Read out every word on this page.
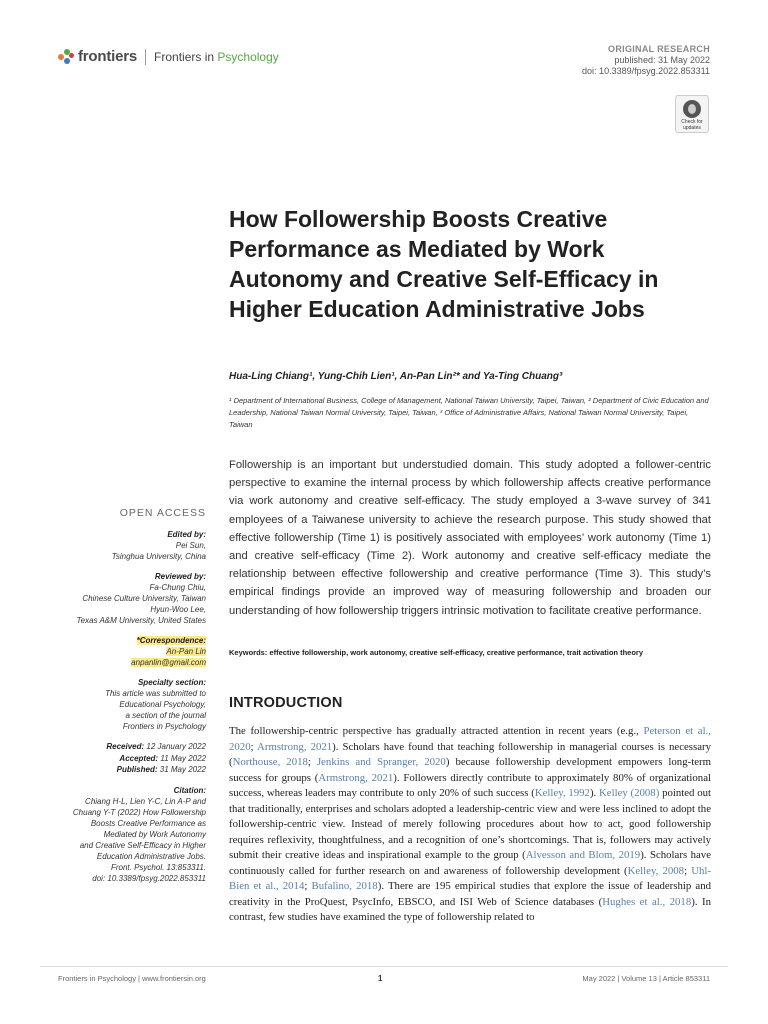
frontiers Frontiers in Psychology
ORIGINAL RESEARCH
published: 31 May 2022
doi: 10.3389/fpsyg.2022.853311
Check for
updates
How Followership Boosts Creative Performance as Mediated by Work Autonomy and Creative Self-Efficacy in Higher Education Administrative Jobs
Hua-Ling Chiang¹, Yung-Chih Lien¹, An-Pan Lin²* and Ya-Ting Chuang³
¹ Department of International Business, College of Management, National Taiwan University, Taipei, Taiwan, ² Department of Civic Education and Leadership, National Taiwan Normal University, Taipei, Taiwan, ³ Office of Administrative Affairs, National Taiwan Normal University, Taipei, Taiwan

Followership is an important but understudied domain. This study adopted a follower-centric perspective to examine the internal process by which followership affects creative performance via work autonomy and creative self-efficacy. The study employed a 3-wave survey of 341 employees of a Taiwanese university to achieve the research purpose. This study showed that effective followership (Time 1) is positively associated with employees’ work autonomy (Time 1) and creative self-efficacy (Time 2). Work autonomy and creative self-efficacy mediate the relationship between effective followership and creative performance (Time 3). This study’s empirical findings provide an improved way of measuring followership and broaden our understanding of how followership triggers intrinsic motivation to facilitate creative performance.

Keywords: effective followership, work autonomy, creative self-efficacy, creative performance, trait activation theory

INTRODUCTION

The followership-centric perspective has gradually attracted attention in recent years (e.g., Peterson et al., 2020; Armstrong, 2021). Scholars have found that teaching followership in managerial courses is necessary (Northouse, 2018; Jenkins and Spranger, 2020) because followership development empowers long-term success for groups (Armstrong, 2021). Followers directly contribute to approximately 80% of organizational success, whereas leaders may contribute to only 20% of such success (Kelley, 1992). Kelley (2008) pointed out that traditionally, enterprises and scholars adopted a leadership-centric view and were less inclined to adopt the followership-centric view. Instead of merely following procedures about how to act, good followership requires reflexivity, thoughtfulness, and a recognition of one’s shortcomings. That is, followers may actively submit their creative ideas and inspirational example to the group (Alvesson and Blom, 2019). Scholars have continuously called for further research on and awareness of followership development (Kelley, 2008; Uhl-Bien et al., 2014; Bufalino, 2018). There are 195 empirical studies that explore the issue of leadership and creativity in the ProQuest, PsycInfo, EBSCO, and ISI Web of Science databases (Hughes et al., 2018). In contrast, few studies have examined the type of followership related to

OPEN ACCESS
Edited by:
Pei Sun,
Tsinghua University, China
Reviewed by:
Fa-Chung Chiu,
Chinese Culture University, Taiwan
Hyun-Woo Lee,
Texas A&M University, United States
*Correspondence:
An-Pan Lin
anpanlin@gmail.com
Specialty section:
This article was submitted to
Educational Psychology,
a section of the journal
Frontiers in Psychology
Received: 12 January 2022
Accepted: 11 May 2022
Published: 31 May 2022
Citation:
Chiang H-L, Lien Y-C, Lin A-P and
Chuang Y-T (2022) How Followership
Boosts Creative Performance as
Mediated by Work Autonomy
and Creative Self-Efficacy in Higher
Education Administrative Jobs.
Front. Psychol. 13:853311.
doi: 10.3389/fpsyg.2022.853311
Frontiers in Psychology | www.frontiersin.org	1	May 2022 | Volume 13 | Article 853311
